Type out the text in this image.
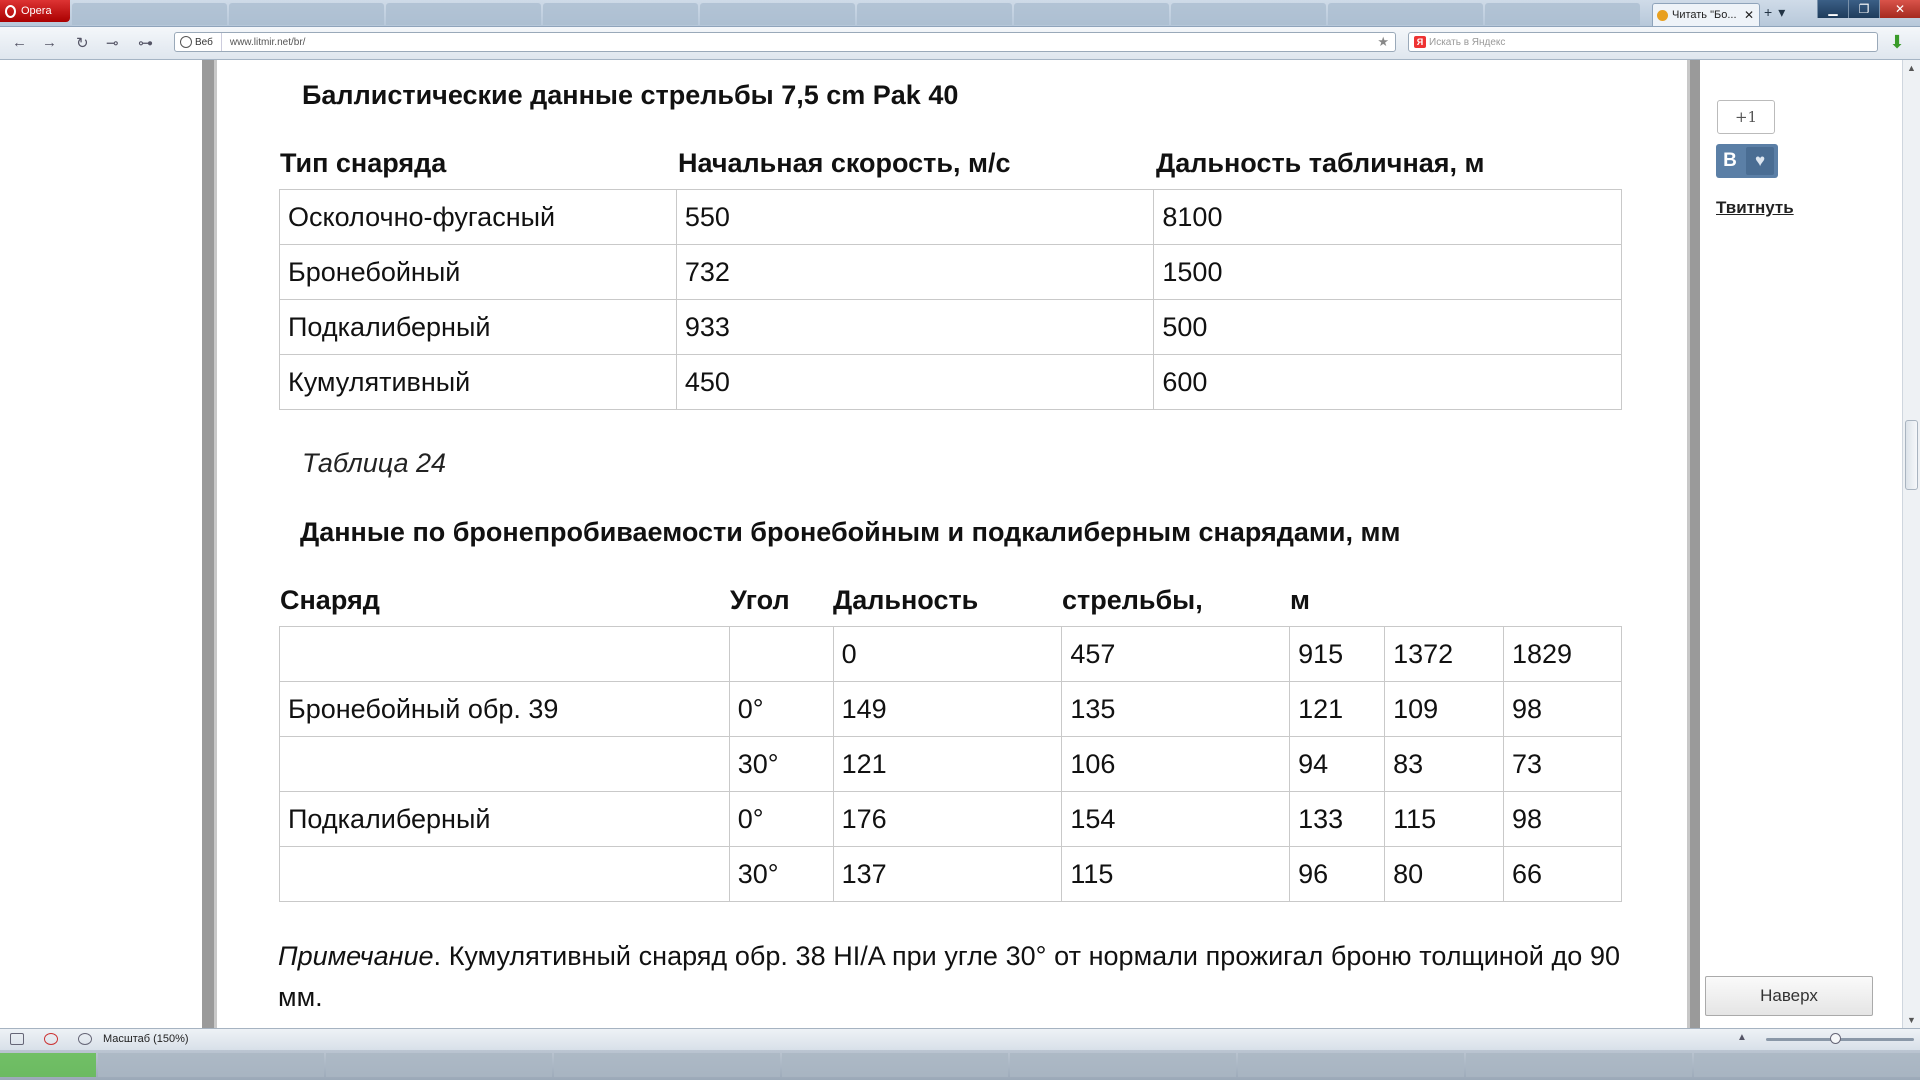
Opera	Читать "Бо... ✕ + ▾	▁	❐	✕
← → ↻ ⊸ ⊶	Веб	www.litmir.net/br/	★	Я Искать в Яндекс	⬇
Баллистические данные стрельбы 7,5 cm Pak 40
Тип снаряда	Начальная скорость, м/с	Дальность табличная, м
Осколочно-фугасный	550	8100
Бронебойный	732	1500
Подкалиберный	933	500
Кумулятивный	450	600
Таблица 24
Данные по бронепробиваемости бронебойным и подкалиберным снарядами, мм
Снаряд	Угол Дальность	стрельбы,	м
		0	457	915	1372	1829
Бронебойный обр. 39	0°	149	135	121	109	98
	30°	121	106	94	83	73
Подкалиберный	0°	176	154	133	115	98
	30°	137	115	96	80	66
Примечание. Кумулятивный снаряд обр. 38 HI/A при угле 30° от нормали прожигал броню толщиной до 90 мм.
+1
В	♥
Твитнуть
Наверх
▲
▼
Масштаб (150%)	▲
